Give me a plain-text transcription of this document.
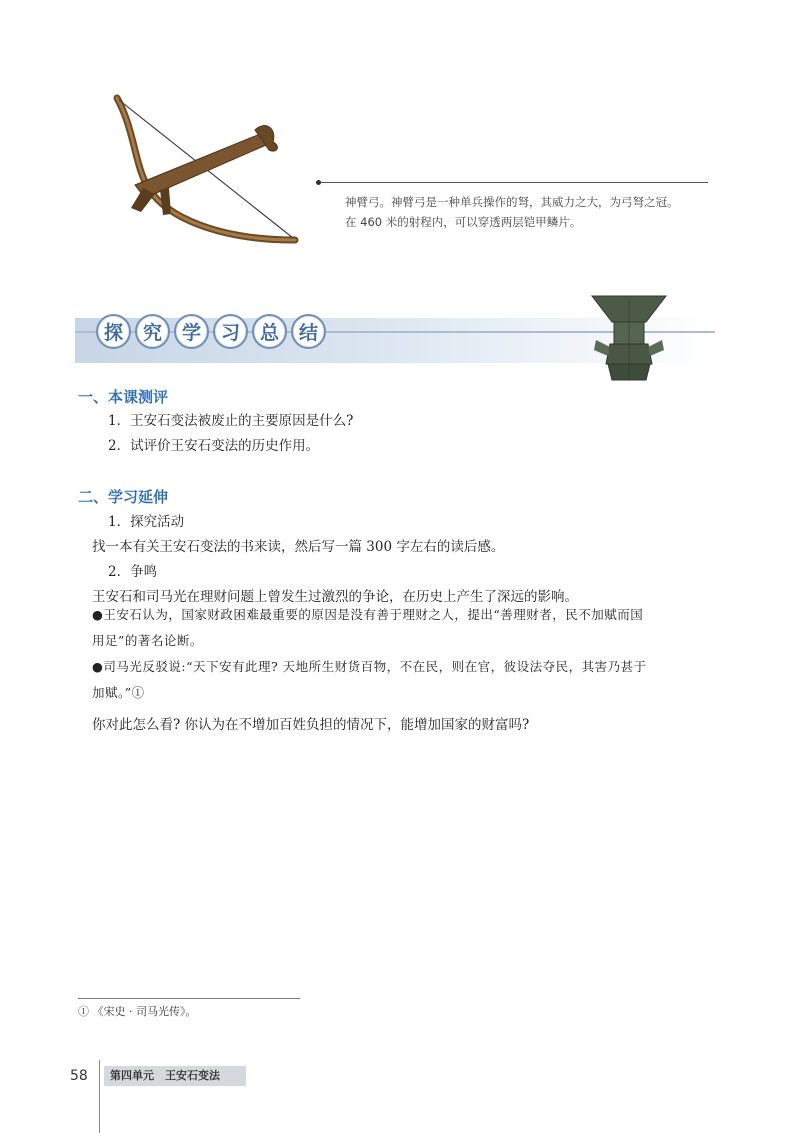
神臂弓。神臂弓是一种单兵操作的弩，其威力之大，为弓弩之冠。
在 460 米的射程内，可以穿透两层铠甲鳞片。
探	究	学	习	总	结
一、本课测评
1．王安石变法被废止的主要原因是什么?
2．试评价王安石变法的历史作用。
二、学习延伸
1．探究活动
找一本有关王安石变法的书来读，然后写一篇 300 字左右的读后感。
2．争鸣
王安石和司马光在理财问题上曾发生过激烈的争论，在历史上产生了深远的影响。
●王安石认为，国家财政困难最重要的原因是没有善于理财之人，提出“善理财者，民不加赋而国
用足”的著名论断。
●司马光反驳说:“天下安有此理? 天地所生财货百物，不在民，则在官，彼设法夺民，其害乃甚于
加赋。”①
你对此怎么看? 你认为在不增加百姓负担的情况下，能增加国家的财富吗?
① 《宋史 · 司马光传》。
58	第四单元　王安石变法
